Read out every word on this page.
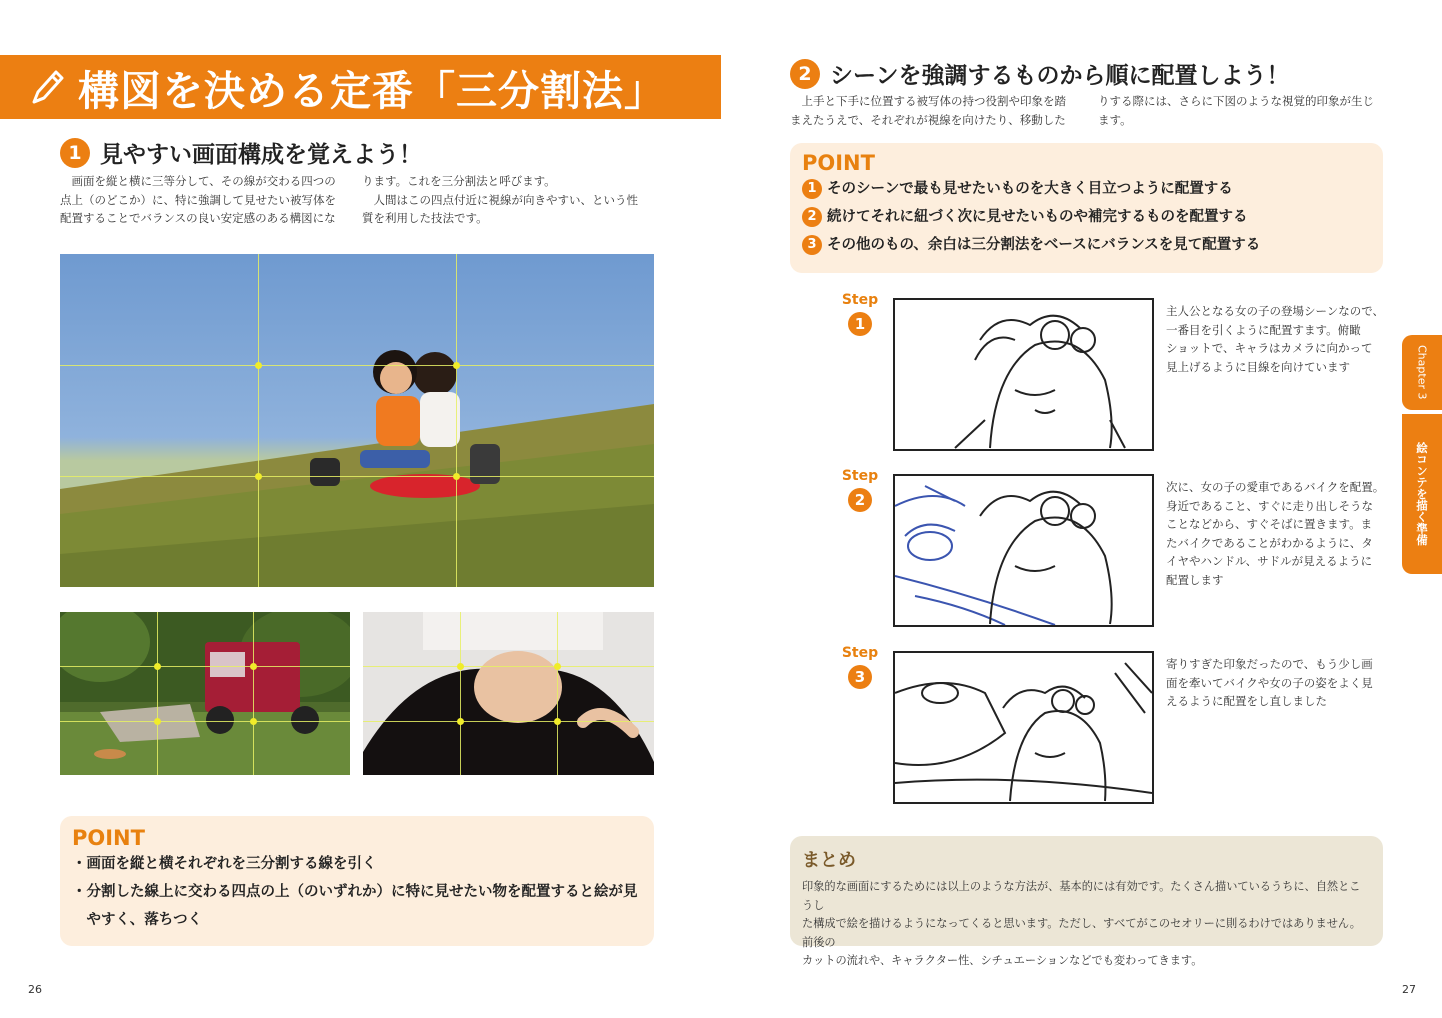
構図を決める定番「三分割法」
1 見やすい画面構成を覚えよう！
　画面を縦と横に三等分して、その線が交わる四つの
点上（のどこか）に、特に強調して見せたい被写体を
配置することでバランスの良い安定感のある構図にな
ります。これを三分割法と呼びます。
　人間はこの四点付近に視線が向きやすい、という性
質を利用した技法です。
POINT
・画面を縦と横それぞれを三分割する線を引く
・分割した線上に交わる四点の上（のいずれか）に特に見せたい物を配置すると絵が見
　やすく、落ちつく
26
2 シーンを強調するものから順に配置しよう！
　上手と下手に位置する被写体の持つ役割や印象を踏
まえたうえで、それぞれが視線を向けたり、移動した
りする際には、さらに下図のような視覚的印象が生じ
ます。
POINT
1 そのシーンで最も見せたいものを大きく目立つように配置する
2 続けてそれに紐づく次に見せたいものや補完するものを配置する
3 その他のもの、余白は三分割法をベースにバランスを見て配置する
Step
1
主人公となる女の子の登場シーンなので、
一番目を引くように配置すます。俯瞰
ショットで、キャラはカメラに向かって
見上げるように目線を向けています
Step
2
次に、女の子の愛車であるバイクを配置。
身近であること、すぐに走り出しそうな
ことなどから、すぐそばに置きます。ま
たバイクであることがわかるように、タ
イヤやハンドル、サドルが見えるように
配置します
Step
3
寄りすぎた印象だったので、もう少し画
面を牽いてバイクや女の子の姿をよく見
えるように配置をし直しました
まとめ
印象的な画面にするためには以上のような方法が、基本的には有効です。たくさん描いているうちに、自然とこうし
た構成で絵を描けるようになってくると思います。ただし、すべてがこのセオリーに則るわけではありません。前後の
カットの流れや、キャラクター性、シチュエーションなどでも変わってきます。
Chapter 3
絵コンテを描く準備
27
